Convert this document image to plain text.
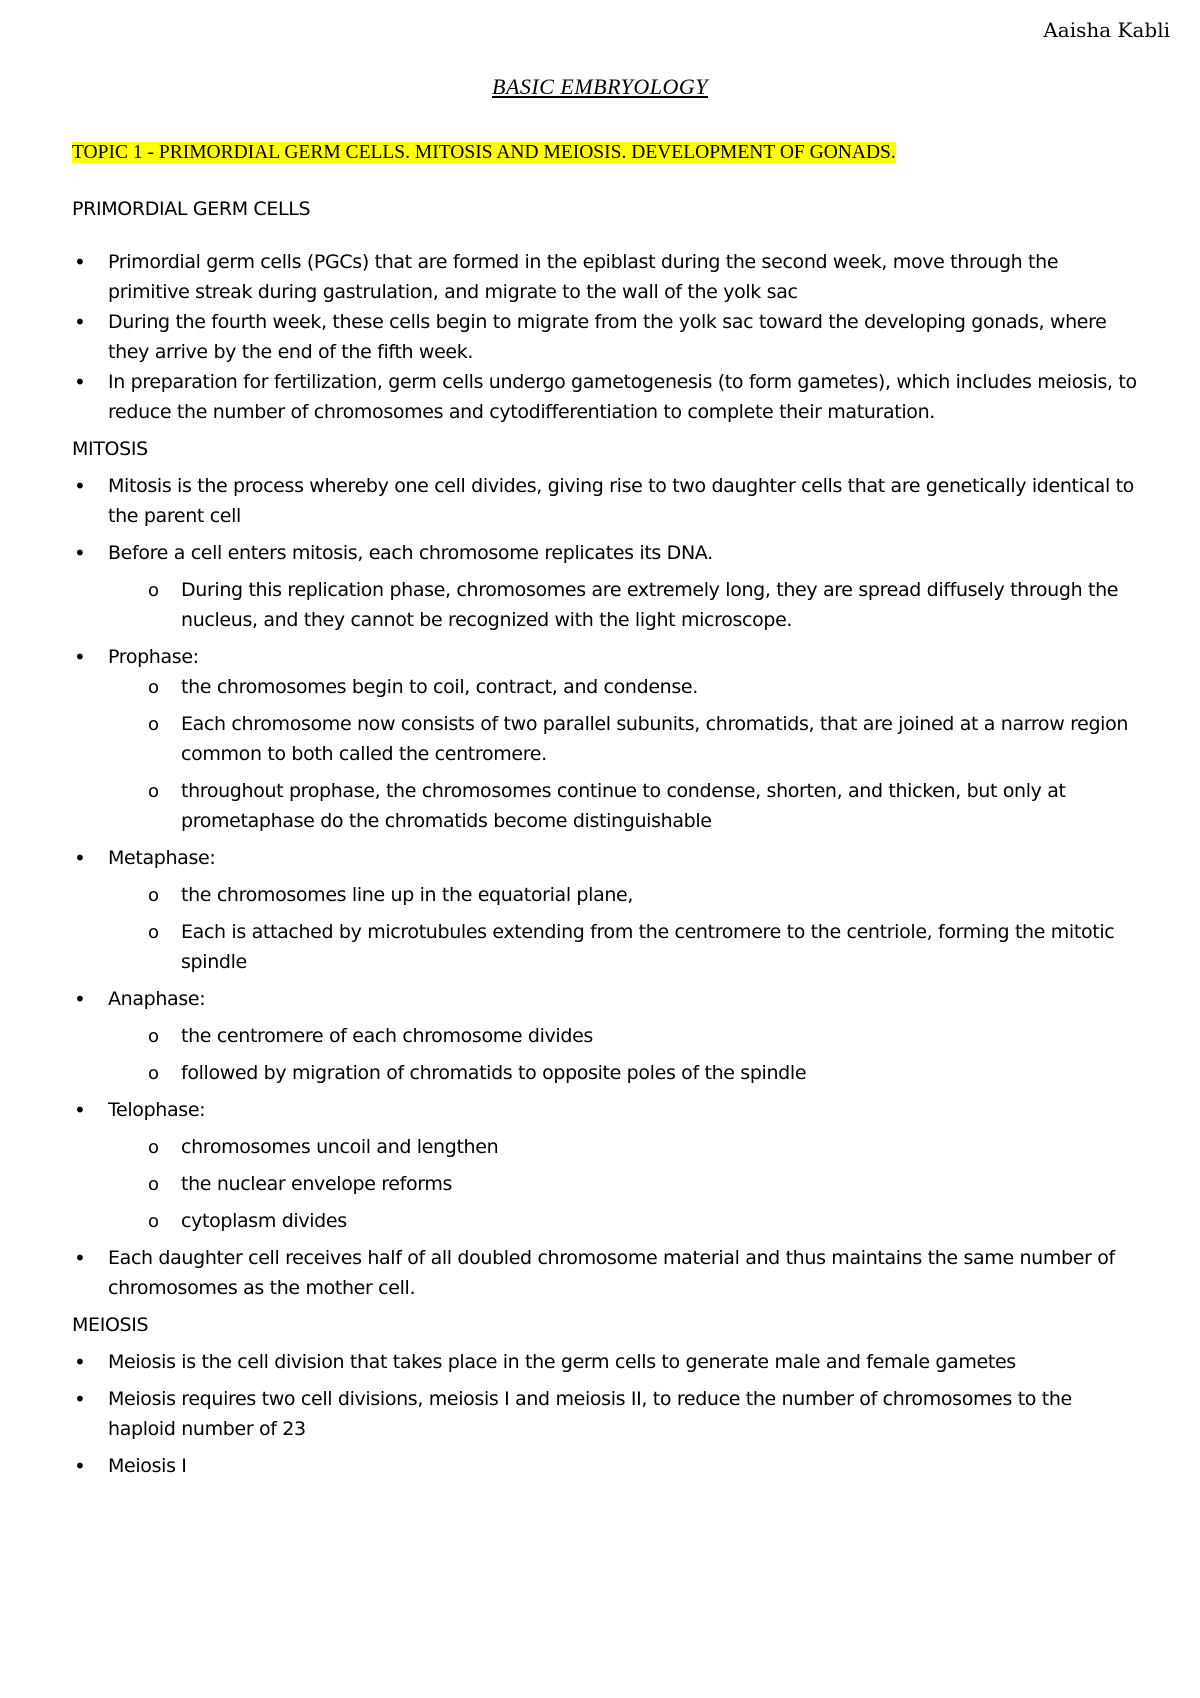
Aaisha Kabli
BASIC EMBRYOLOGY
TOPIC 1 - PRIMORDIAL GERM CELLS. MITOSIS AND MEIOSIS. DEVELOPMENT OF GONADS.
PRIMORDIAL GERM CELLS
• Primordial germ cells (PGCs) that are formed in the epiblast during the second week, move through the primitive streak during gastrulation, and migrate to the wall of the yolk sac
• During the fourth week, these cells begin to migrate from the yolk sac toward the developing gonads, where they arrive by the end of the fifth week.
• In preparation for fertilization, germ cells undergo gametogenesis (to form gametes), which includes meiosis, to reduce the number of chromosomes and cytodifferentiation to complete their maturation.
MITOSIS
• Mitosis is the process whereby one cell divides, giving rise to two daughter cells that are genetically identical to the parent cell
• Before a cell enters mitosis, each chromosome replicates its DNA.
o During this replication phase, chromosomes are extremely long, they are spread diffusely through the nucleus, and they cannot be recognized with the light microscope.
• Prophase:
o the chromosomes begin to coil, contract, and condense.
o Each chromosome now consists of two parallel subunits, chromatids, that are joined at a narrow region common to both called the centromere.
o throughout prophase, the chromosomes continue to condense, shorten, and thicken, but only at prometaphase do the chromatids become distinguishable
• Metaphase:
o the chromosomes line up in the equatorial plane,
o Each is attached by microtubules extending from the centromere to the centriole, forming the mitotic spindle
• Anaphase:
o the centromere of each chromosome divides
o followed by migration of chromatids to opposite poles of the spindle
• Telophase:
o chromosomes uncoil and lengthen
o the nuclear envelope reforms
o cytoplasm divides
• Each daughter cell receives half of all doubled chromosome material and thus maintains the same number of chromosomes as the mother cell.
MEIOSIS
• Meiosis is the cell division that takes place in the germ cells to generate male and female gametes
• Meiosis requires two cell divisions, meiosis I and meiosis II, to reduce the number of chromosomes to the haploid number of 23
• Meiosis I
